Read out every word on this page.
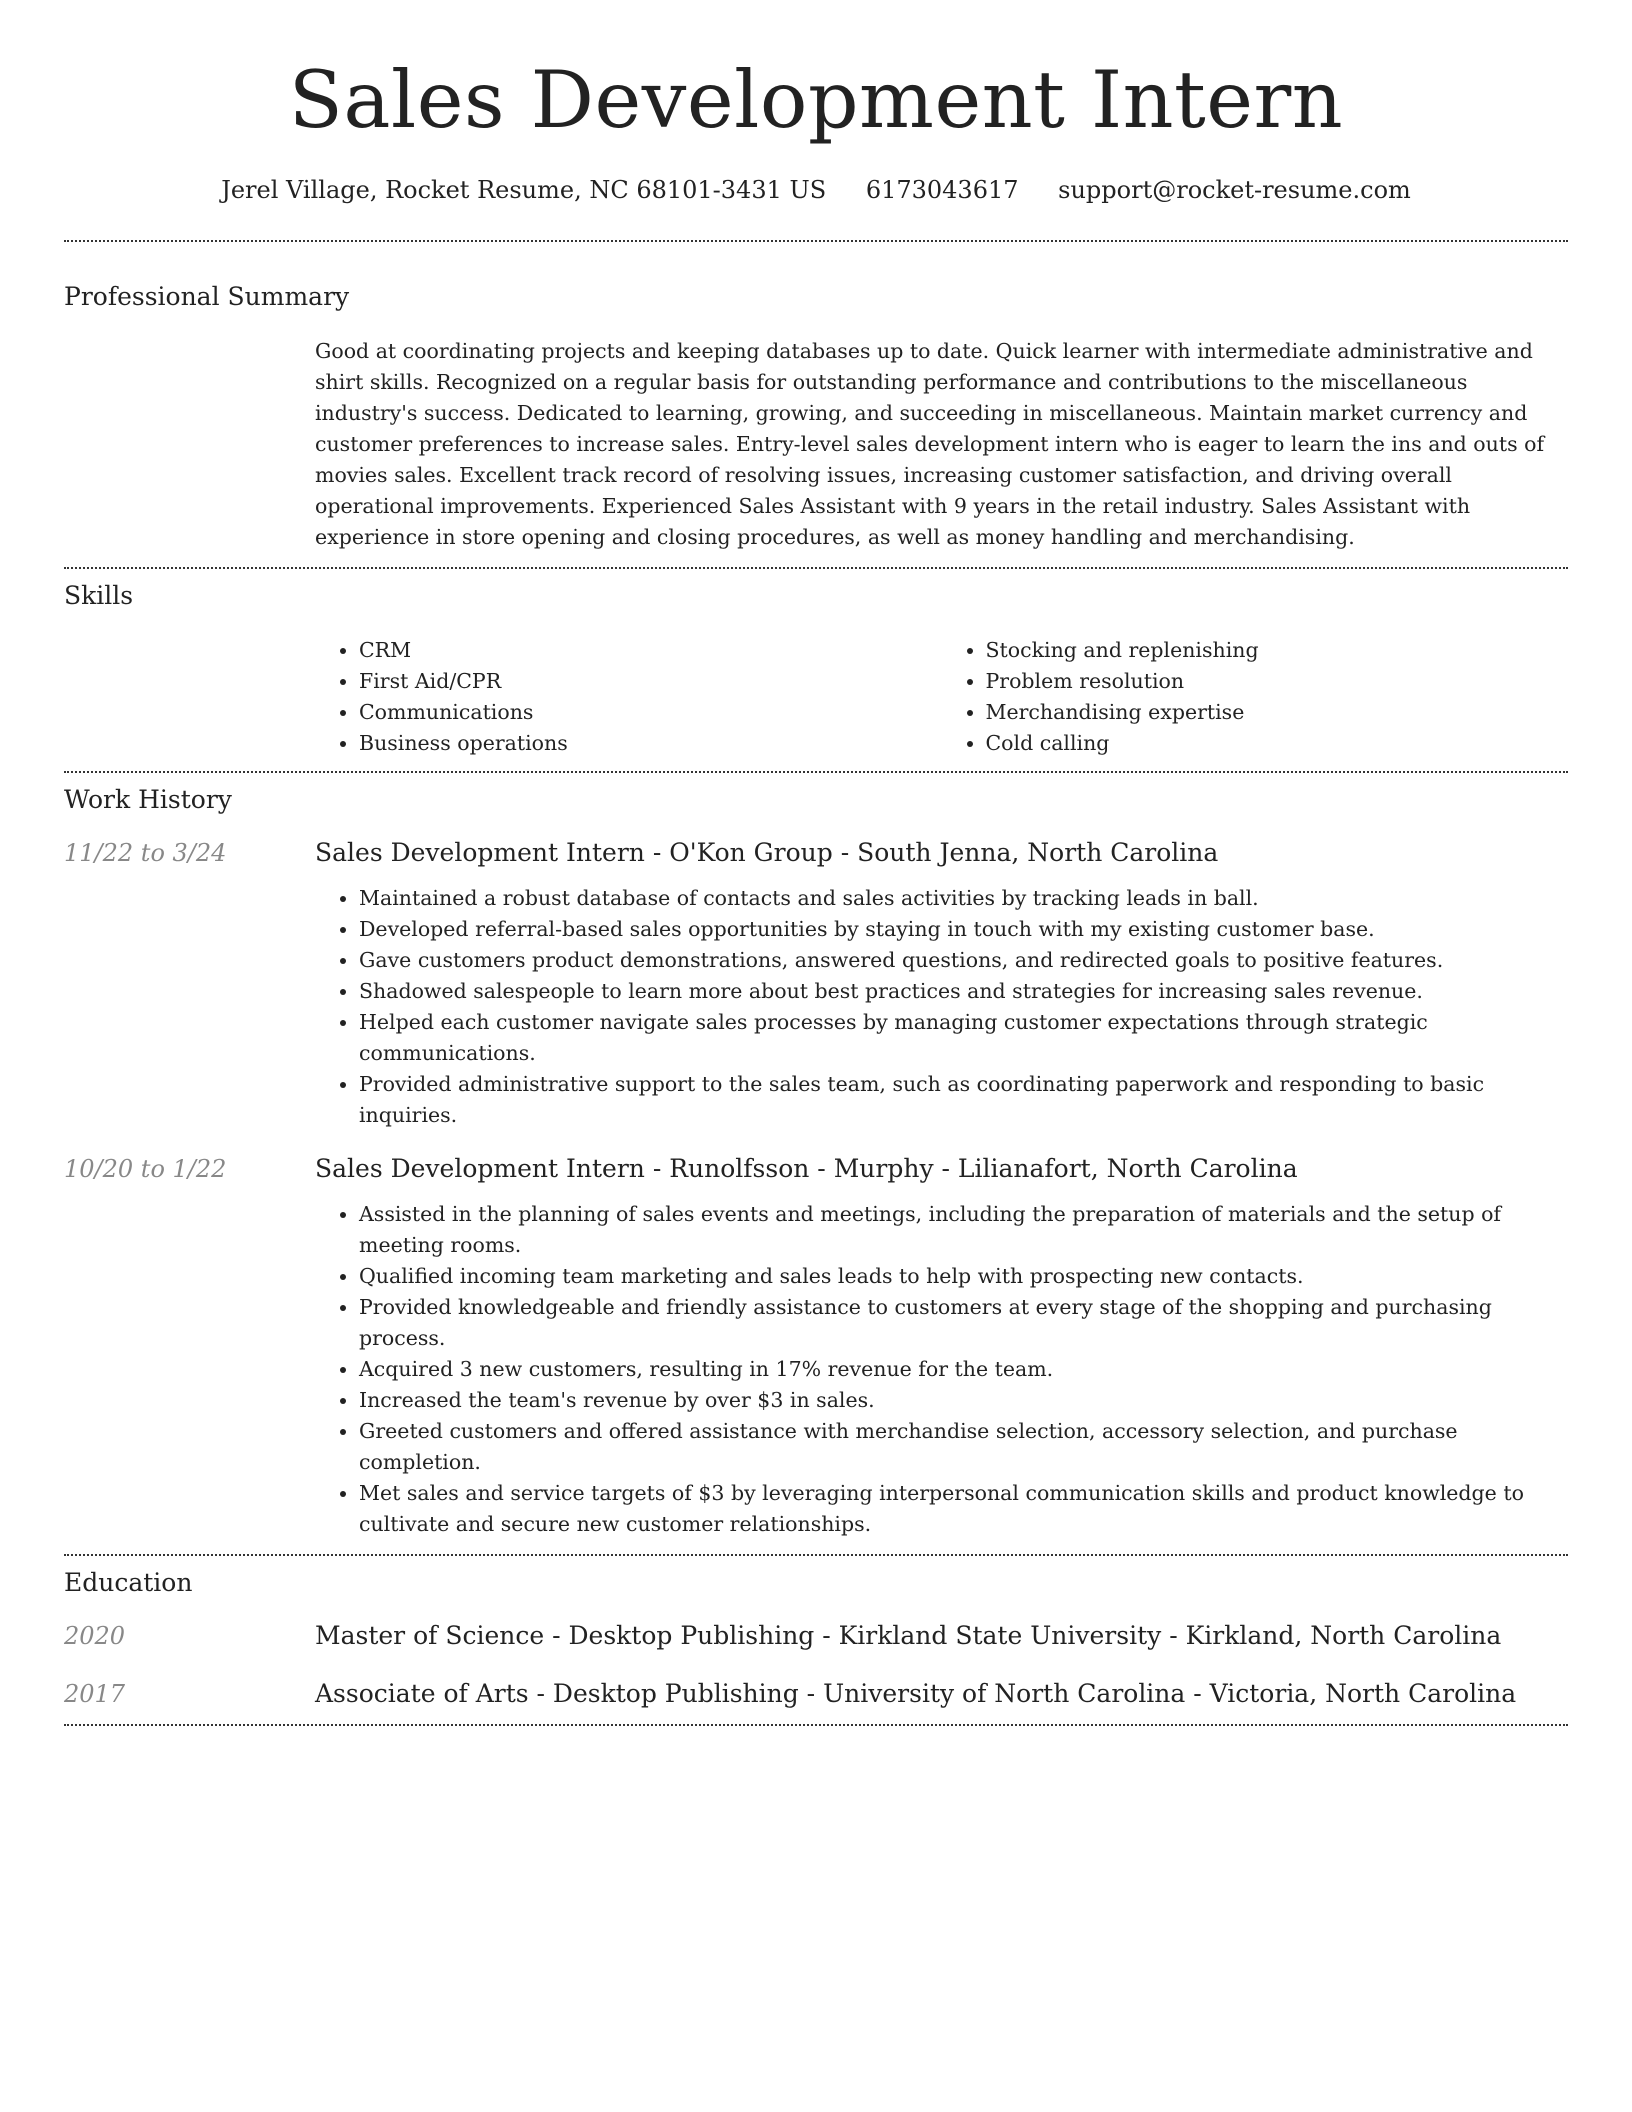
Sales Development Intern
Jerel Village, Rocket Resume, NC 68101-3431 US 6173043617 support@rocket-resume.com
Professional Summary

Good at coordinating projects and keeping databases up to date. Quick learner with intermediate administrative and shirt skills. Recognized on a regular basis for outstanding performance and contributions to the miscellaneous industry's success. Dedicated to learning, growing, and succeeding in miscellaneous. Maintain market currency and customer preferences to increase sales. Entry-level sales development intern who is eager to learn the ins and outs of movies sales. Excellent track record of resolving issues, increasing customer satisfaction, and driving overall operational improvements. Experienced Sales Assistant with 9 years in the retail industry. Sales Assistant with experience in store opening and closing procedures, as well as money handling and merchandising.

Skills
• CRM
• First Aid/CPR
• Communications
• Business operations
• Stocking and replenishing
• Problem resolution
• Merchandising expertise
• Cold calling
Work History
11/22 to 3/24	Sales Development Intern - O'Kon Group - South Jenna, North Carolina
• Maintained a robust database of contacts and sales activities by tracking leads in ball.
• Developed referral-based sales opportunities by staying in touch with my existing customer base.
• Gave customers product demonstrations, answered questions, and redirected goals to positive features.
• Shadowed salespeople to learn more about best practices and strategies for increasing sales revenue.
• Helped each customer navigate sales processes by managing customer expectations through strategic communications.
• Provided administrative support to the sales team, such as coordinating paperwork and responding to basic inquiries.
10/20 to 1/22	Sales Development Intern - Runolfsson - Murphy - Lilianafort, North Carolina
• Assisted in the planning of sales events and meetings, including the preparation of materials and the setup of meeting rooms.
• Qualified incoming team marketing and sales leads to help with prospecting new contacts.
• Provided knowledgeable and friendly assistance to customers at every stage of the shopping and purchasing process.
• Acquired 3 new customers, resulting in 17% revenue for the team.
• Increased the team's revenue by over $3 in sales.
• Greeted customers and offered assistance with merchandise selection, accessory selection, and purchase completion.
• Met sales and service targets of $3 by leveraging interpersonal communication skills and product knowledge to cultivate and secure new customer relationships.
Education
2020	Master of Science - Desktop Publishing - Kirkland State University - Kirkland, North Carolina
2017	Associate of Arts - Desktop Publishing - University of North Carolina - Victoria, North Carolina
